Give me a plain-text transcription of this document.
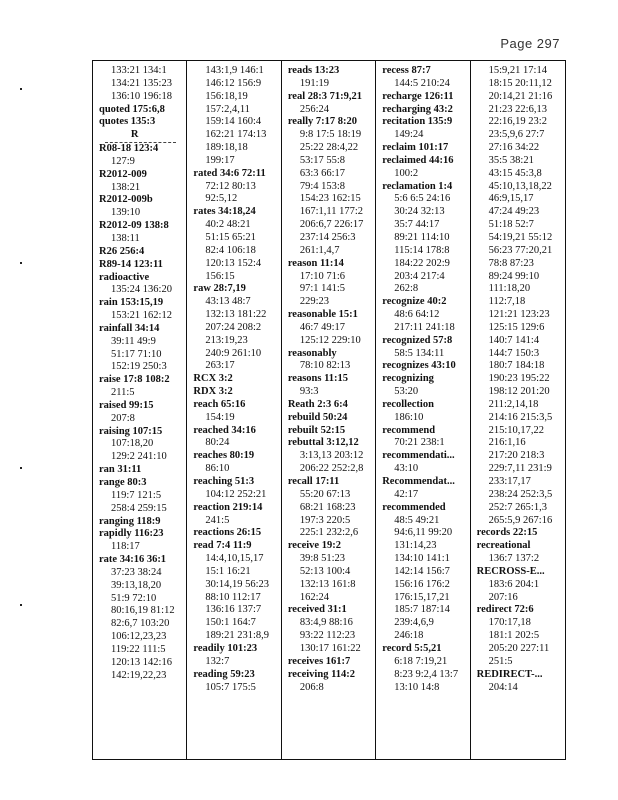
Page 297
133:21 134:1
134:21 135:23
136:10 196:18
quoted 175:6,8
quotes 135:3
R
R08-18 123:4
127:9
R2012-009
138:21
R2012-009b
139:10
R2012-09 138:8
138:11
R26 256:4
R89-14 123:11
radioactive
135:24 136:20
rain 153:15,19
153:21 162:12
rainfall 34:14
39:11 49:9
51:17 71:10
152:19 250:3
raise 17:8 108:2
211:5
raised 99:15
207:8
raising 107:15
107:18,20
129:2 241:10
ran 31:11
range 80:3
119:7 121:5
258:4 259:15
ranging 118:9
rapidly 116:23
118:17
rate 34:16 36:1
37:23 38:24
39:13,18,20
51:9 72:10
80:16,19 81:12
82:6,7 103:20
106:12,23,23
119:22 111:5
120:13 142:16
142:19,22,23
143:1,9 146:1
146:12 156:9
156:18,19
157:2,4,11
159:14 160:4
162:21 174:13
189:18,18
199:17
rated 34:6 72:11
72:12 80:13
92:5,12
rates 34:18,24
40:2 48:21
51:15 65:21
82:4 106:18
120:13 152:4
156:15
raw 28:7,19
43:13 48:7
132:13 181:22
207:24 208:2
213:19,23
240:9 261:10
263:17
RCX 3:2
RDX 3:2
reach 65:16
154:19
reached 34:16
80:24
reaches 80:19
86:10
reaching 51:3
104:12 252:21
reaction 219:14
241:5
reactions 26:15
read 7:4 11:9
14:4,10,15,17
15:1 16:21
30:14,19 56:23
88:10 112:17
136:16 137:7
150:1 164:7
189:21 231:8,9
readily 101:23
132:7
reading 59:23
105:7 175:5
reads 13:23
191:19
real 28:3 71:9,21
256:24
really 7:17 8:20
9:8 17:5 18:19
25:22 28:4,22
53:17 55:8
63:3 66:17
79:4 153:8
154:23 162:15
167:1,11 177:2
206:6,7 226:17
237:14 256:3
261:1,4,7
reason 11:14
17:10 71:6
97:1 141:5
229:23
reasonable 15:1
46:7 49:17
125:12 229:10
reasonably
78:10 82:13
reasons 11:15
93:3
Reath 2:3 6:4
rebuild 50:24
rebuilt 52:15
rebuttal 3:12,12
3:13,13 203:12
206:22 252:2,8
recall 17:11
55:20 67:13
68:21 168:23
197:3 220:5
225:1 232:2,6
receive 19:2
39:8 51:23
52:13 100:4
132:13 161:8
162:24
received 31:1
83:4,9 88:16
93:22 112:23
130:17 161:22
receives 161:7
receiving 114:2
206:8
recess 87:7
144:5 210:24
recharge 126:11
recharging 43:2
recitation 135:9
149:24
reclaim 101:17
reclaimed 44:16
100:2
reclamation 1:4
5:6 6:5 24:16
30:24 32:13
35:7 44:17
89:21 114:10
115:14 178:8
184:22 202:9
203:4 217:4
262:8
recognize 40:2
48:6 64:12
217:11 241:18
recognized 57:8
58:5 134:11
recognizes 43:10
recognizing
53:20
recollection
186:10
recommend
70:21 238:1
recommendati...
43:10
Recommendat...
42:17
recommended
48:5 49:21
94:6,11 99:20
131:14,23
134:10 141:1
142:14 156:7
156:16 176:2
176:15,17,21
185:7 187:14
239:4,6,9
246:18
record 5:5,21
6:18 7:19,21
8:23 9:2,4 13:7
13:10 14:8
15:9,21 17:14
18:15 20:11,12
20:14,21 21:16
21:23 22:6,13
22:16,19 23:2
23:5,9,6 27:7
27:16 34:22
35:5 38:21
43:15 45:3,8
45:10,13,18,22
46:9,15,17
47:24 49:23
51:18 52:7
54:19,21 55:12
56:23 77:20,21
78:8 87:23
89:24 99:10
111:18,20
112:7,18
121:21 123:23
125:15 129:6
140:7 141:4
144:7 150:3
180:7 184:18
190:23 195:22
198:12 201:20
211:2,14,18
214:16 215:3,5
215:10,17,22
216:1,16
217:20 218:3
229:7,11 231:9
233:17,17
238:24 252:3,5
252:7 265:1,3
265:5,9 267:16
records 22:15
recreational
136:7 137:2
RECROSS-E...
183:6 204:1
207:16
redirect 72:6
170:17,18
181:1 202:5
205:20 227:11
251:5
REDIRECT-...
204:14
